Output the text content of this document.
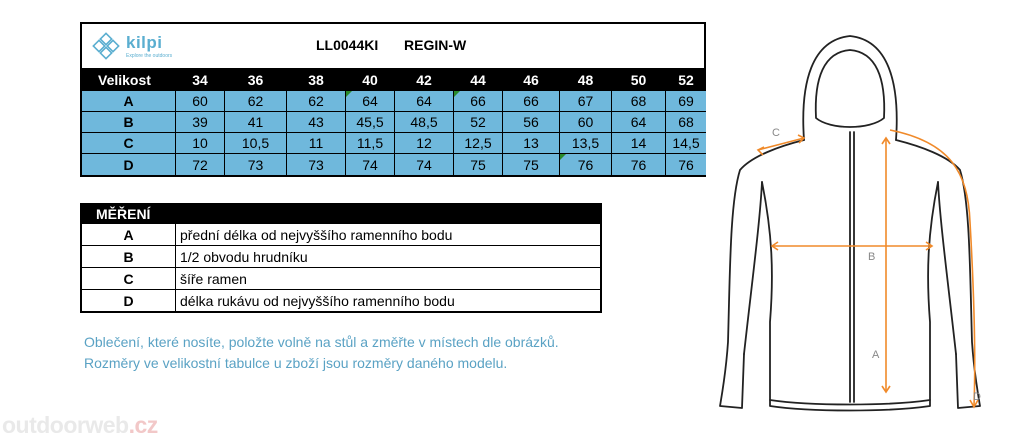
kilpi
Explore the outdoors
LL0044KI REGIN-W
Velikost	34	36	38	40	42	44	46	48	50	52
A	60	62	62	64	64	66	66	67	68	69
B	39	41	43	45,5	48,5	52	56	60	64	68
C	10	10,5	11	11,5	12	12,5	13	13,5	14	14,5
D	72	73	73	74	74	75	75	76	76	76
MĚŘENÍ
A	přední délka od nejvyššího ramenního bodu
B	1/2 obvodu hrudníku
C	šíře ramen
D	délka rukávu od nejvyššího ramenního bodu
Oblečení, které nosíte, položte volně na stůl a změřte v místech dle obrázků.
Rozměry ve velikostní tabulce u zboží jsou rozměry daného modelu.
outdoorweb.cz
C
B
A
D
